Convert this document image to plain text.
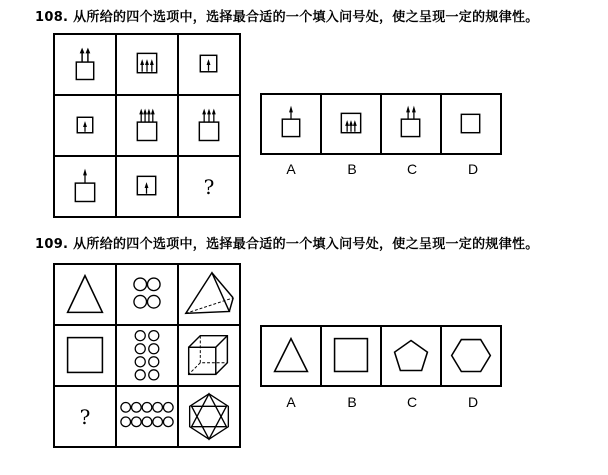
108. 从所给的四个选项中，选择最合适的一个填入问号处，使之呈现一定的规律性。
?
A	B	C	D
109. 从所给的四个选项中，选择最合适的一个填入问号处，使之呈现一定的规律性。
?
A	B	C	D
